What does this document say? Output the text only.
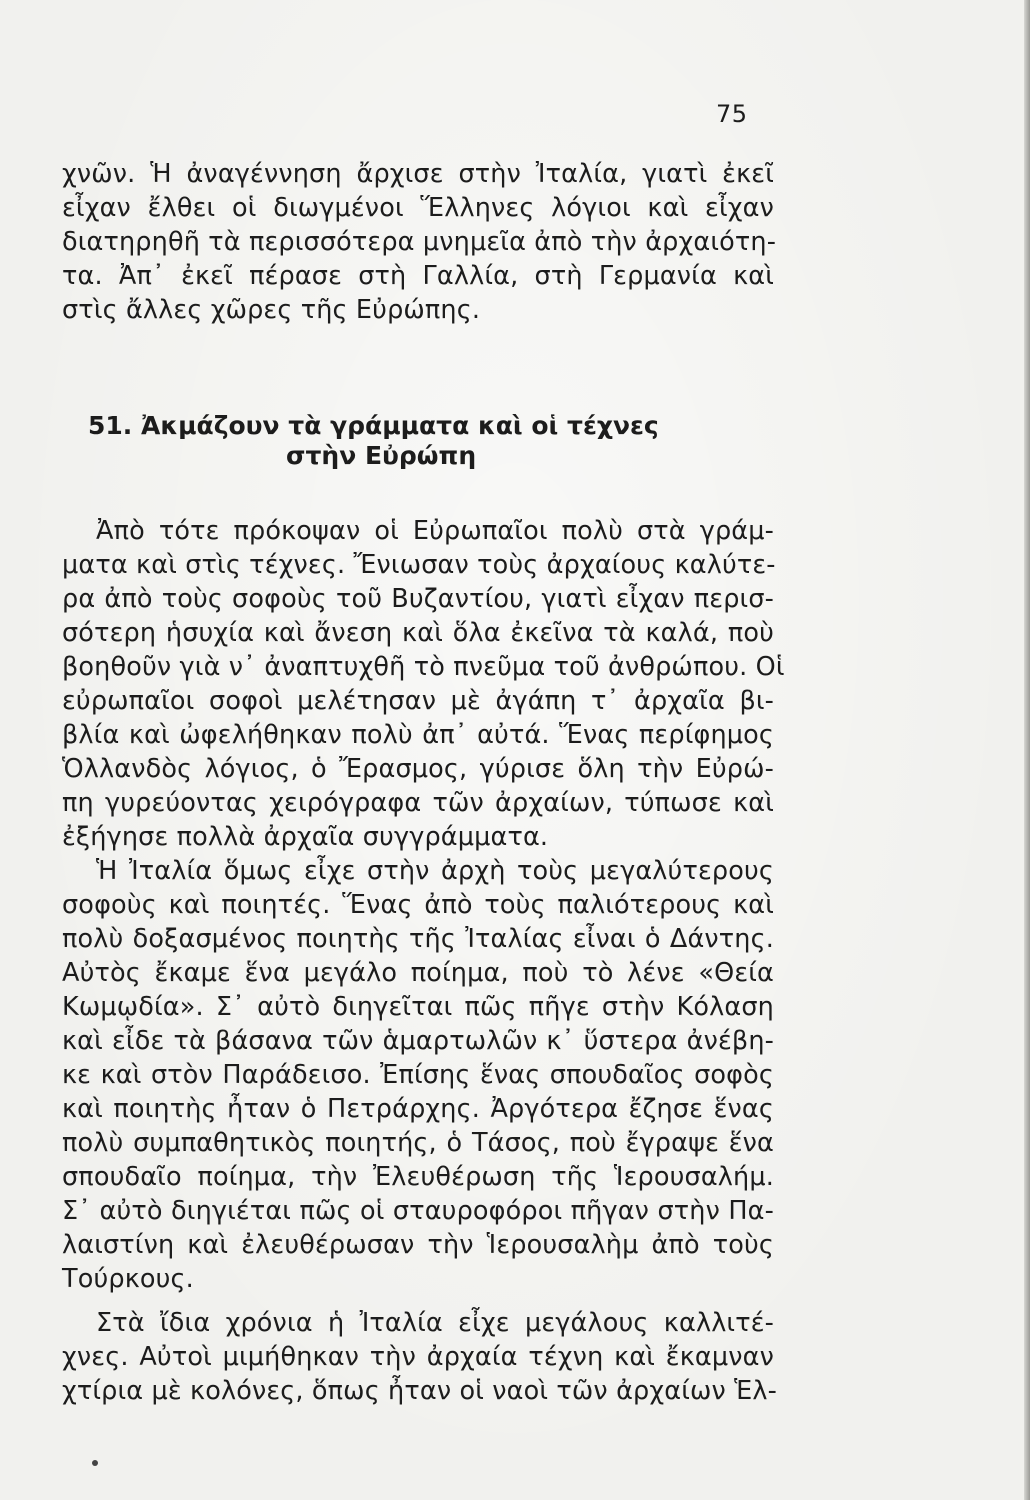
75
χνῶν. Ἡ ἀναγέννηση ἄρχισε στὴν Ἰταλία, γιατὶ ἐκεῖ
εἶχαν ἔλθει οἱ διωγμένοι Ἕλληνες λόγιοι καὶ εἶχαν
διατηρηθῆ τὰ περισσότερα μνημεῖα ἀπὸ τὴν ἀρχαιότη-
τα. Ἀπ᾿ ἐκεῖ πέρασε στὴ Γαλλία, στὴ Γερμανία καὶ
στὶς ἄλλες χῶρες τῆς Εὐρώπης.
51. Ἀκμάζουν τὰ γράμματα καὶ οἱ τέχνες
στὴν Εὐρώπη
Ἀπὸ τότε πρόκοψαν οἱ Εὐρωπαῖοι πολὺ στὰ γράμ-
ματα καὶ στὶς τέχνες. Ἔνιωσαν τοὺς ἀρχαίους καλύτε-
ρα ἀπὸ τοὺς σοφοὺς τοῦ Βυζαντίου, γιατὶ εἶχαν περισ-
σότερη ἡσυχία καὶ ἄνεση καὶ ὅλα ἐκεῖνα τὰ καλά, ποὺ
βοηθοῦν γιὰ ν᾿ ἀναπτυχθῆ τὸ πνεῦμα τοῦ ἀνθρώπου. Οἱ
εὐρωπαῖοι σοφοὶ μελέτησαν μὲ ἀγάπη τ᾿ ἀρχαῖα βι-
βλία καὶ ὠφελήθηκαν πολὺ ἀπ᾿ αὐτά. Ἕνας περίφημος
Ὁλλανδὸς λόγιος, ὁ Ἔρασμος, γύρισε ὅλη τὴν Εὐρώ-
πη γυρεύοντας χειρόγραφα τῶν ἀρχαίων, τύπωσε καὶ
ἐξήγησε πολλὰ ἀρχαῖα συγγράμματα.
Ἡ Ἰταλία ὅμως εἶχε στὴν ἀρχὴ τοὺς μεγαλύτερους
σοφοὺς καὶ ποιητές. Ἕνας ἀπὸ τοὺς παλιότερους καὶ
πολὺ δοξασμένος ποιητὴς τῆς Ἰταλίας εἶναι ὁ Δάντης.
Αὐτὸς ἔκαμε ἕνα μεγάλο ποίημα, ποὺ τὸ λένε «Θεία
Κωμῳδία». Σ᾿ αὐτὸ διηγεῖται πῶς πῆγε στὴν Κόλαση
καὶ εἶδε τὰ βάσανα τῶν ἁμαρτωλῶν κ᾿ ὕστερα ἀνέβη-
κε καὶ στὸν Παράδεισο. Ἐπίσης ἕνας σπουδαῖος σοφὸς
καὶ ποιητὴς ἦταν ὁ Πετράρχης. Ἀργότερα ἔζησε ἕνας
πολὺ συμπαθητικὸς ποιητής, ὁ Τάσος, ποὺ ἔγραψε ἕνα
σπουδαῖο ποίημα, τὴν Ἐλευθέρωση τῆς Ἱερουσαλήμ.
Σ᾿ αὐτὸ διηγιέται πῶς οἱ σταυροφόροι πῆγαν στὴν Πα-
λαιστίνη καὶ ἐλευθέρωσαν τὴν Ἱερουσαλὴμ ἀπὸ τοὺς
Τούρκους.
Στὰ ἴδια χρόνια ἡ Ἰταλία εἶχε μεγάλους καλλιτέ-
χνες. Αὐτοὶ μιμήθηκαν τὴν ἀρχαία τέχνη καὶ ἔκαμναν
χτίρια μὲ κολόνες, ὅπως ἦταν οἱ ναοὶ τῶν ἀρχαίων Ἑλ-
